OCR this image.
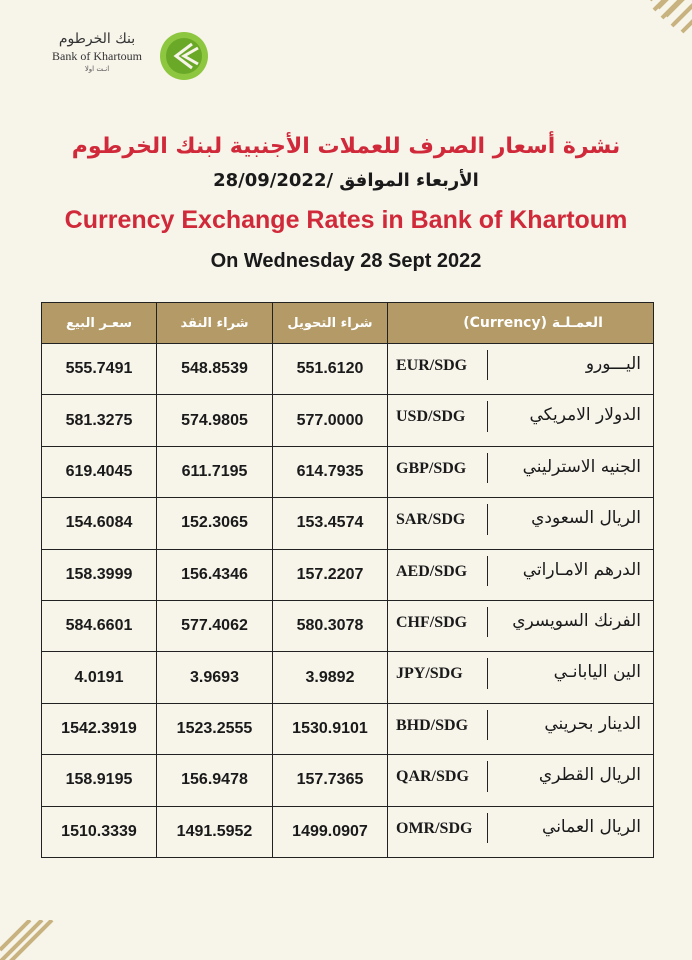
بنك الخرطوم
Bank of Khartoum
انـت اولا
نشرة أسعار الصرف للعملات الأجنبية لبنك الخرطوم
الأربعاء الموافق /28/09/2022
Currency Exchange Rates in Bank of Khartoum
On Wednesday 28 Sept 2022
سعـر البيع	شراء النقد	شراء التحويل	العمـلـة (Currency)
555.7491	548.8539	551.6120	EUR/SDG اليـــورو

581.3275	574.9805	577.0000	USD/SDG الدولار الامريكي

619.4045	611.7195	614.7935	GBP/SDG الجنيه الاسترليني

154.6084	152.3065	153.4574	SAR/SDG الريال السعودي

158.3999	156.4346	157.2207	AED/SDG الدرهم الامـاراتي

584.6601	577.4062	580.3078	CHF/SDG الفرنك السويسري

4.0191	3.9693	3.9892	JPY/SDG الين اليابانـي

1542.3919	1523.2555	1530.9101	BHD/SDG الدينار بحريني

158.9195	156.9478	157.7365	QAR/SDG الريال القطري

1510.3339	1491.5952	1499.0907	OMR/SDG الريال العماني
